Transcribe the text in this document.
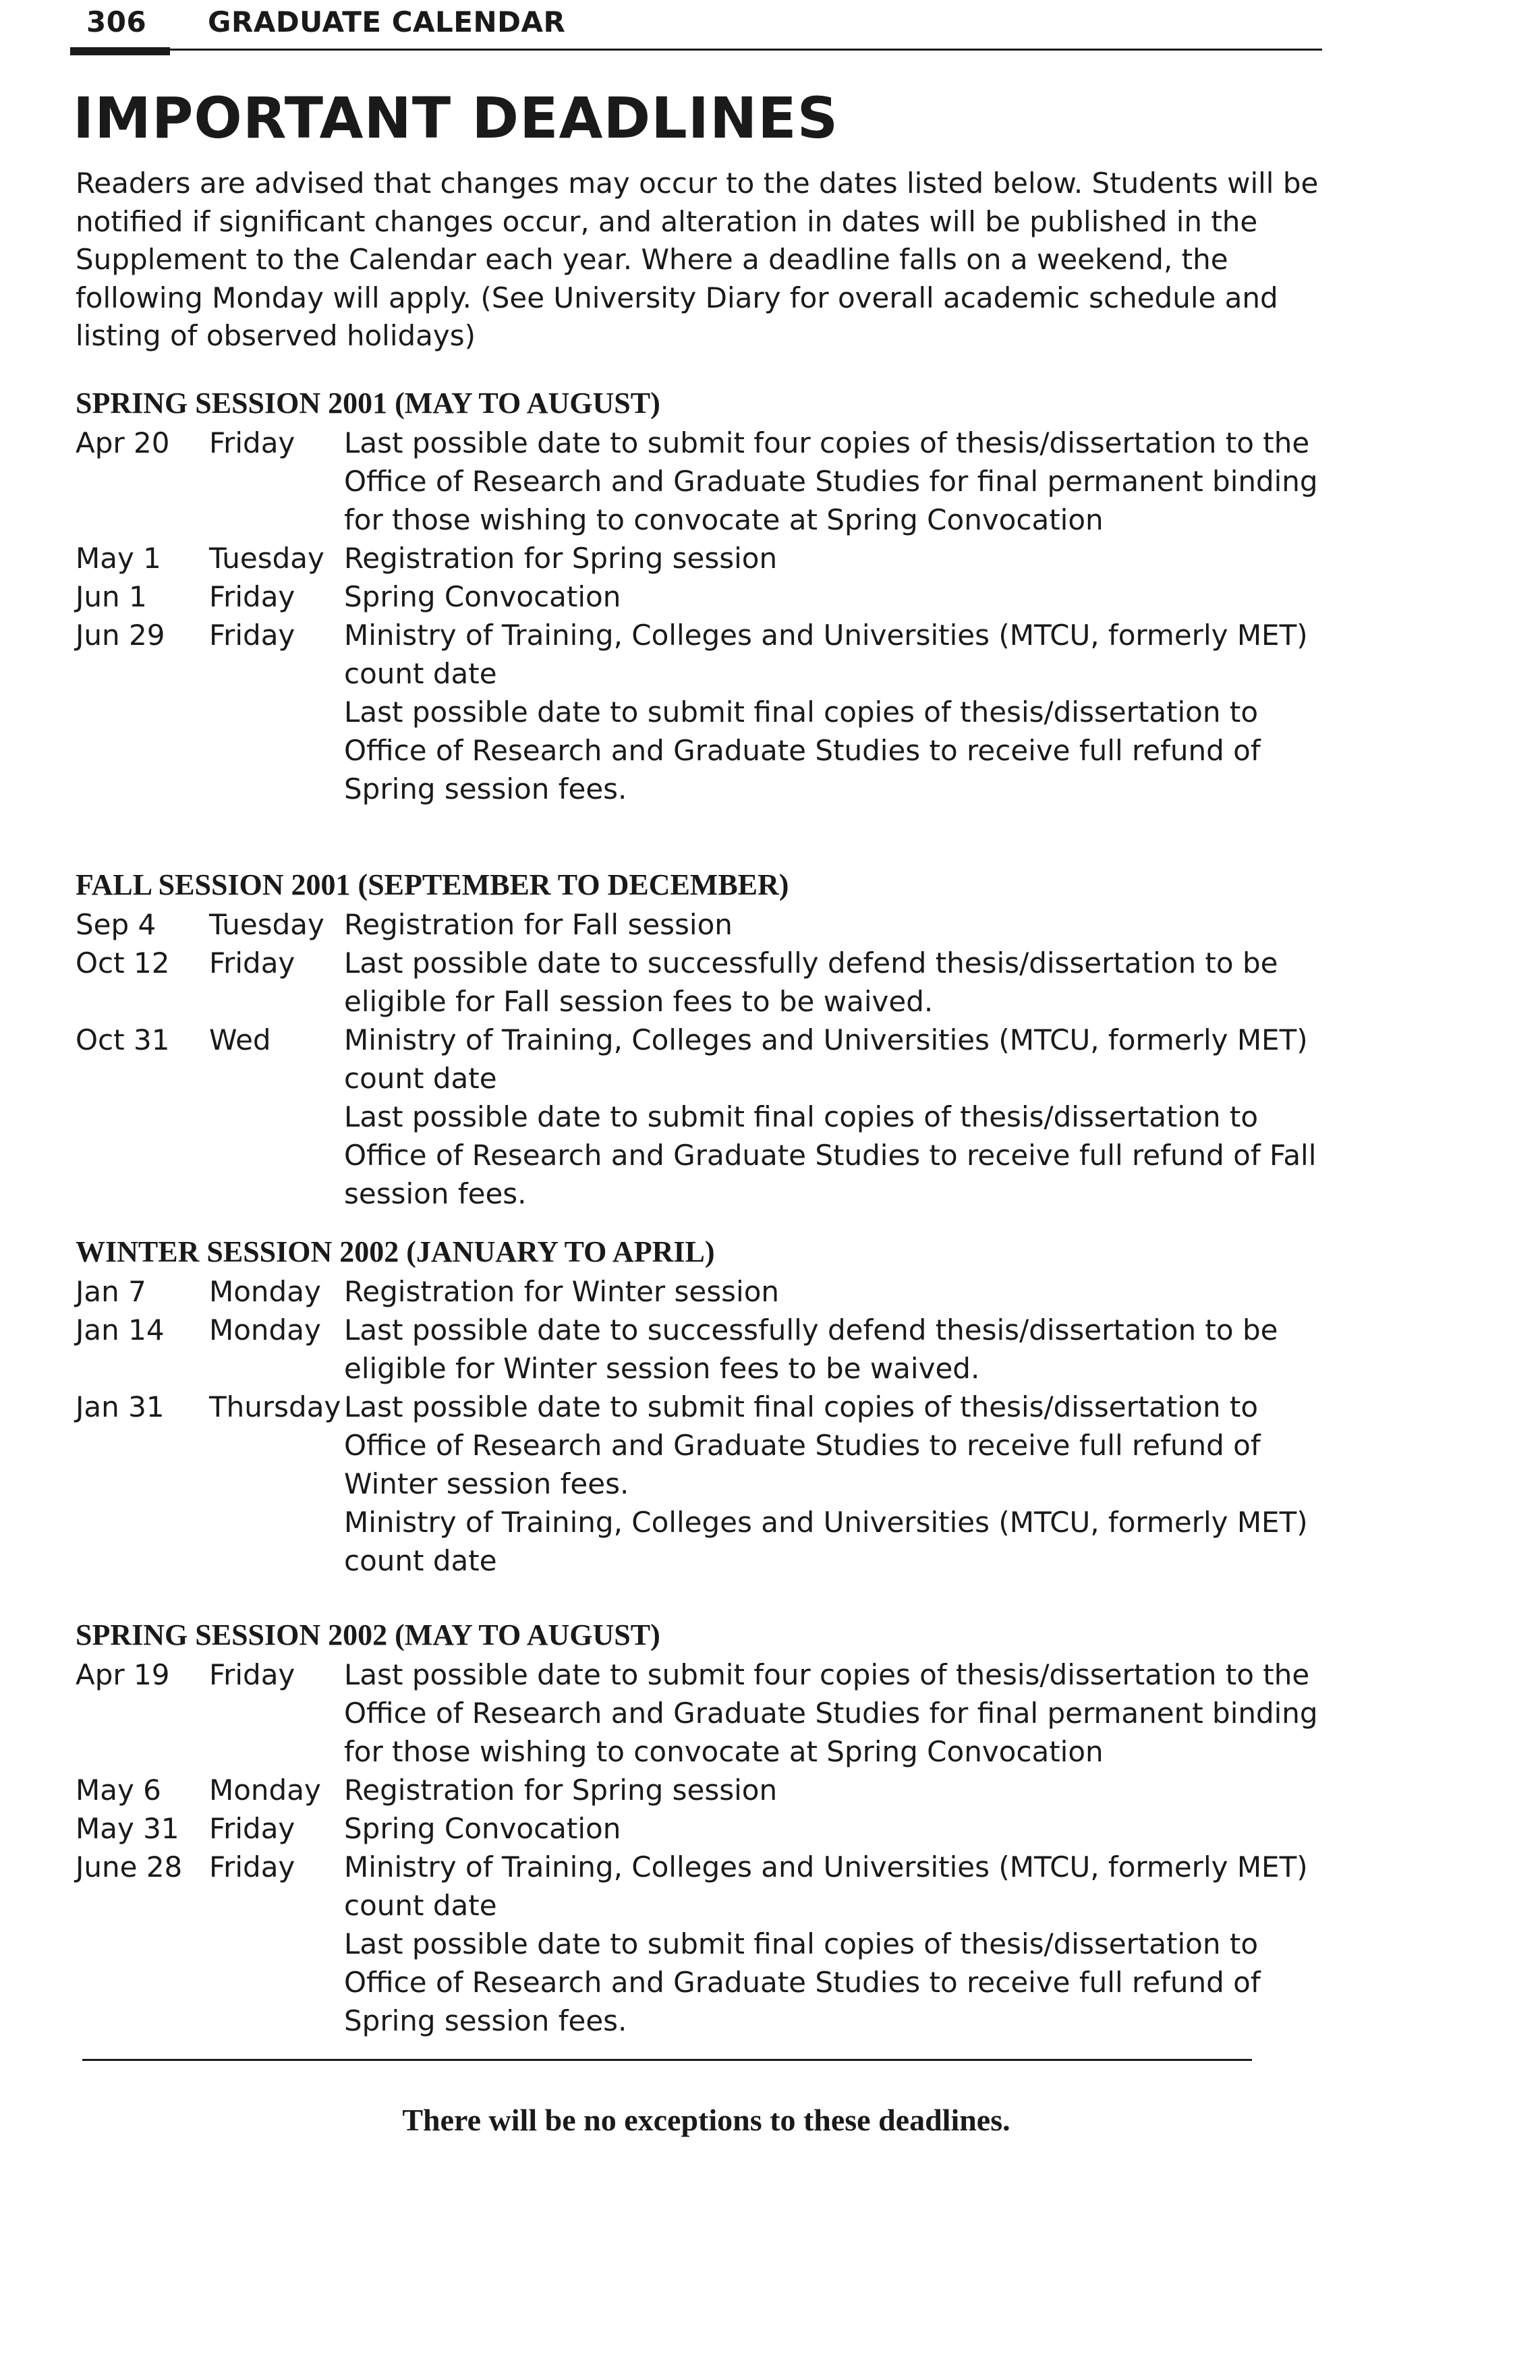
306 GRADUATE CALENDAR
IMPORTANT DEADLINES

Readers are advised that changes may occur to the dates listed below. Students will be notified if significant changes occur, and alteration in dates will be published in the Supplement to the Calendar each year. Where a deadline falls on a weekend, the following Monday will apply. (See University Diary for overall academic schedule and listing of observed holidays)

SPRING SESSION 2001 (MAY TO AUGUST)
Apr 20 Friday Last possible date to submit four copies of thesis/dissertation to the Office of Research and Graduate Studies for final permanent binding for those wishing to convocate at Spring Convocation
May 1 Tuesday Registration for Spring session
Jun 1 Friday Spring Convocation
Jun 29 Friday Ministry of Training, Colleges and Universities (MTCU, formerly MET) count date
Last possible date to submit final copies of thesis/dissertation to Office of Research and Graduate Studies to receive full refund of Spring session fees.
FALL SESSION 2001 (SEPTEMBER TO DECEMBER)
Sep 4 Tuesday Registration for Fall session
Oct 12 Friday Last possible date to successfully defend thesis/dissertation to be eligible for Fall session fees to be waived.
Oct 31 Wed	Ministry of Training, Colleges and Universities (MTCU, formerly MET) count date
Last possible date to submit final copies of thesis/dissertation to Office of Research and Graduate Studies to receive full refund of Fall session fees.
WINTER SESSION 2002 (JANUARY TO APRIL)
Jan 7 Monday Registration for Winter session
Jan 14 Monday Last possible date to successfully defend thesis/dissertation to be eligible for Winter session fees to be waived.
Jan 31 Thursday Last possible date to submit final copies of thesis/dissertation to Office of Research and Graduate Studies to receive full refund of Winter session fees.
Ministry of Training, Colleges and Universities (MTCU, formerly MET) count date
SPRING SESSION 2002 (MAY TO AUGUST)
Apr 19 Friday Last possible date to submit four copies of thesis/dissertation to the Office of Research and Graduate Studies for final permanent binding for those wishing to convocate at Spring Convocation
May 6 Monday Registration for Spring session
May 31 Friday Spring Convocation
June 28 Friday Ministry of Training, Colleges and Universities (MTCU, formerly MET) count date
Last possible date to submit final copies of thesis/dissertation to Office of Research and Graduate Studies to receive full refund of Spring session fees.
There will be no exceptions to these deadlines.
